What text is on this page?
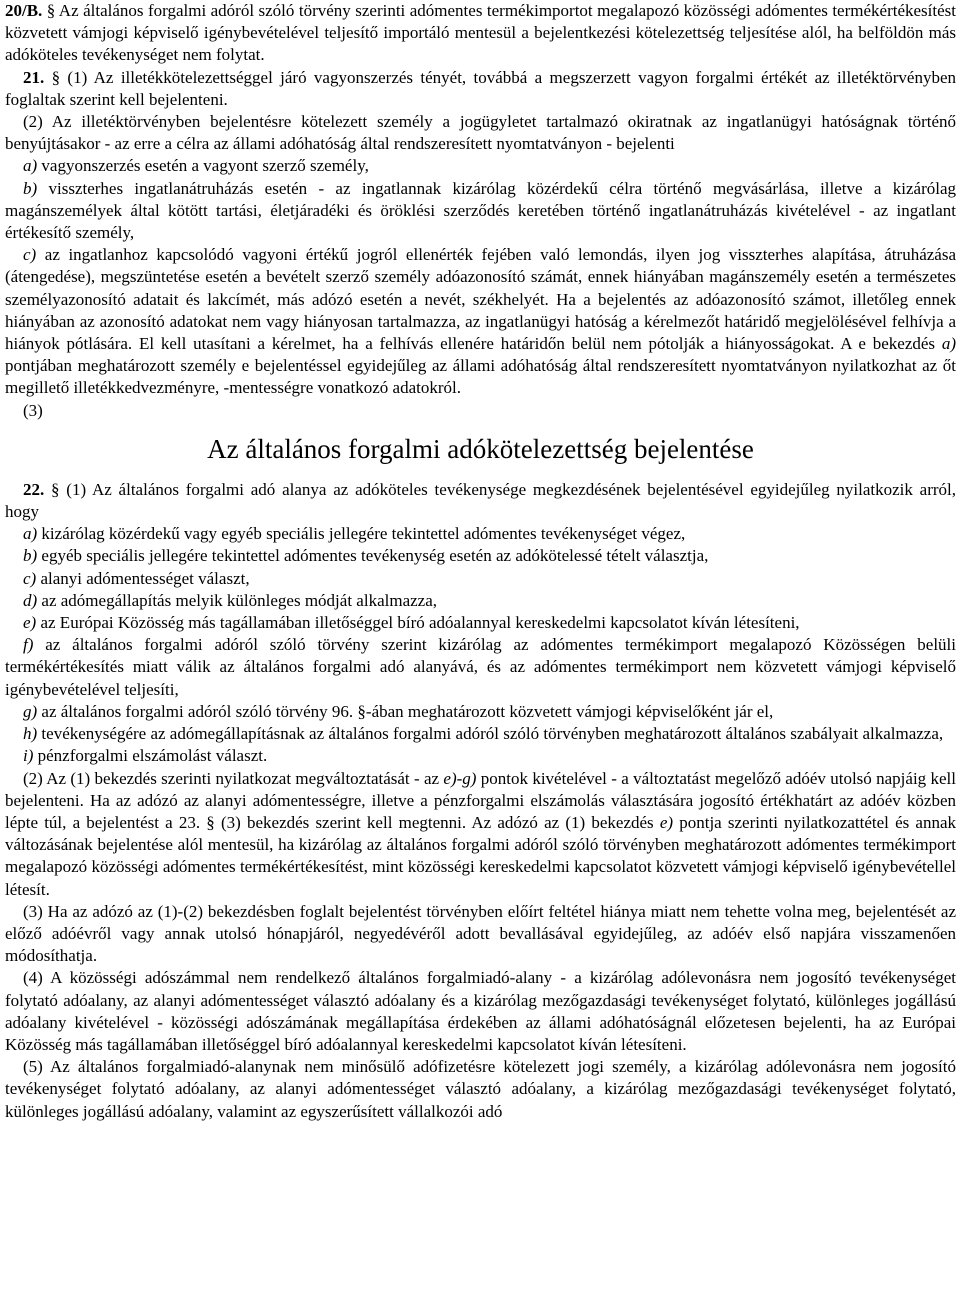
20/B. § Az általános forgalmi adóról szóló törvény szerinti adómentes termékimportot megalapozó közösségi adómentes termékértékesítést közvetett vámjogi képviselő igénybevételével teljesítő importáló mentesül a bejelentkezési kötelezettség teljesítése alól, ha belföldön más adóköteles tevékenységet nem folytat.

21. § (1) Az illetékkötelezettséggel járó vagyonszerzés tényét, továbbá a megszerzett vagyon forgalmi értékét az illetéktörvényben foglaltak szerint kell bejelenteni.

(2) Az illetéktörvényben bejelentésre kötelezett személy a jogügyletet tartalmazó okiratnak az ingatlanügyi hatóságnak történő benyújtásakor - az erre a célra az állami adóhatóság által rendszeresített nyomtatványon - bejelenti

a) vagyonszerzés esetén a vagyont szerző személy,

b) visszterhes ingatlanátruházás esetén - az ingatlannak kizárólag közérdekű célra történő megvásárlása, illetve a kizárólag magánszemélyek által kötött tartási, életjáradéki és öröklési szerződés keretében történő ingatlanátruházás kivételével - az ingatlant értékesítő személy,

c) az ingatlanhoz kapcsolódó vagyoni értékű jogról ellenérték fejében való lemondás, ilyen jog visszterhes alapítása, átruházása (átengedése), megszüntetése esetén a bevételt szerző személy adóazonosító számát, ennek hiányában magánszemély esetén a természetes személyazonosító adatait és lakcímét, más adózó esetén a nevét, székhelyét. Ha a bejelentés az adóazonosító számot, illetőleg ennek hiányában az azonosító adatokat nem vagy hiányosan tartalmazza, az ingatlanügyi hatóság a kérelmezőt határidő megjelölésével felhívja a hiányok pótlására. El kell utasítani a kérelmet, ha a felhívás ellenére határidőn belül nem pótolják a hiányosságokat. A e bekezdés a) pontjában meghatározott személy e bejelentéssel egyidejűleg az állami adóhatóság által rendszeresített nyomtatványon nyilatkozhat az őt megillető illetékkedvezményre, -mentességre vonatkozó adatokról.

(3)

Az általános forgalmi adókötelezettség bejelentése

22. § (1) Az általános forgalmi adó alanya az adóköteles tevékenysége megkezdésének bejelentésével egyidejűleg nyilatkozik arról, hogy

a) kizárólag közérdekű vagy egyéb speciális jellegére tekintettel adómentes tevékenységet végez,

b) egyéb speciális jellegére tekintettel adómentes tevékenység esetén az adókötelessé tételt választja,

c) alanyi adómentességet választ,

d) az adómegállapítás melyik különleges módját alkalmazza,

e) az Európai Közösség más tagállamában illetőséggel bíró adóalannyal kereskedelmi kapcsolatot kíván létesíteni,

f) az általános forgalmi adóról szóló törvény szerint kizárólag az adómentes termékimport megalapozó Közösségen belüli termékértékesítés miatt válik az általános forgalmi adó alanyává, és az adómentes termékimport nem közvetett vámjogi képviselő igénybevételével teljesíti,

g) az általános forgalmi adóról szóló törvény 96. §-ában meghatározott közvetett vámjogi képviselőként jár el,

h) tevékenységére az adómegállapításnak az általános forgalmi adóról szóló törvényben meghatározott általános szabályait alkalmazza,

i) pénzforgalmi elszámolást választ.

(2) Az (1) bekezdés szerinti nyilatkozat megváltoztatását - az e)-g) pontok kivételével - a változtatást megelőző adóév utolsó napjáig kell bejelenteni. Ha az adózó az alanyi adómentességre, illetve a pénzforgalmi elszámolás választására jogosító értékhatárt az adóév közben lépte túl, a bejelentést a 23. § (3) bekezdés szerint kell megtenni. Az adózó az (1) bekezdés e) pontja szerinti nyilatkozattétel és annak változásának bejelentése alól mentesül, ha kizárólag az általános forgalmi adóról szóló törvényben meghatározott adómentes termékimport megalapozó közösségi adómentes termékértékesítést, mint közösségi kereskedelmi kapcsolatot közvetett vámjogi képviselő igénybevétellel létesít.

(3) Ha az adózó az (1)-(2) bekezdésben foglalt bejelentést törvényben előírt feltétel hiánya miatt nem tehette volna meg, bejelentését az előző adóévről vagy annak utolsó hónapjáról, negyedévéről adott bevallásával egyidejűleg, az adóév első napjára visszamenően módosíthatja.

(4) A közösségi adószámmal nem rendelkező általános forgalmiadó-alany - a kizárólag adólevonásra nem jogosító tevékenységet folytató adóalany, az alanyi adómentességet választó adóalany és a kizárólag mezőgazdasági tevékenységet folytató, különleges jogállású adóalany kivételével - közösségi adószámának megállapítása érdekében az állami adóhatóságnál előzetesen bejelenti, ha az Európai Közösség más tagállamában illetőséggel bíró adóalannyal kereskedelmi kapcsolatot kíván létesíteni.

(5) Az általános forgalmiadó-alanynak nem minősülő adófizetésre kötelezett jogi személy, a kizárólag adólevonásra nem jogosító tevékenységet folytató adóalany, az alanyi adómentességet választó adóalany, a kizárólag mezőgazdasági tevékenységet folytató, különleges jogállású adóalany, valamint az egyszerűsített vállalkozói adó
